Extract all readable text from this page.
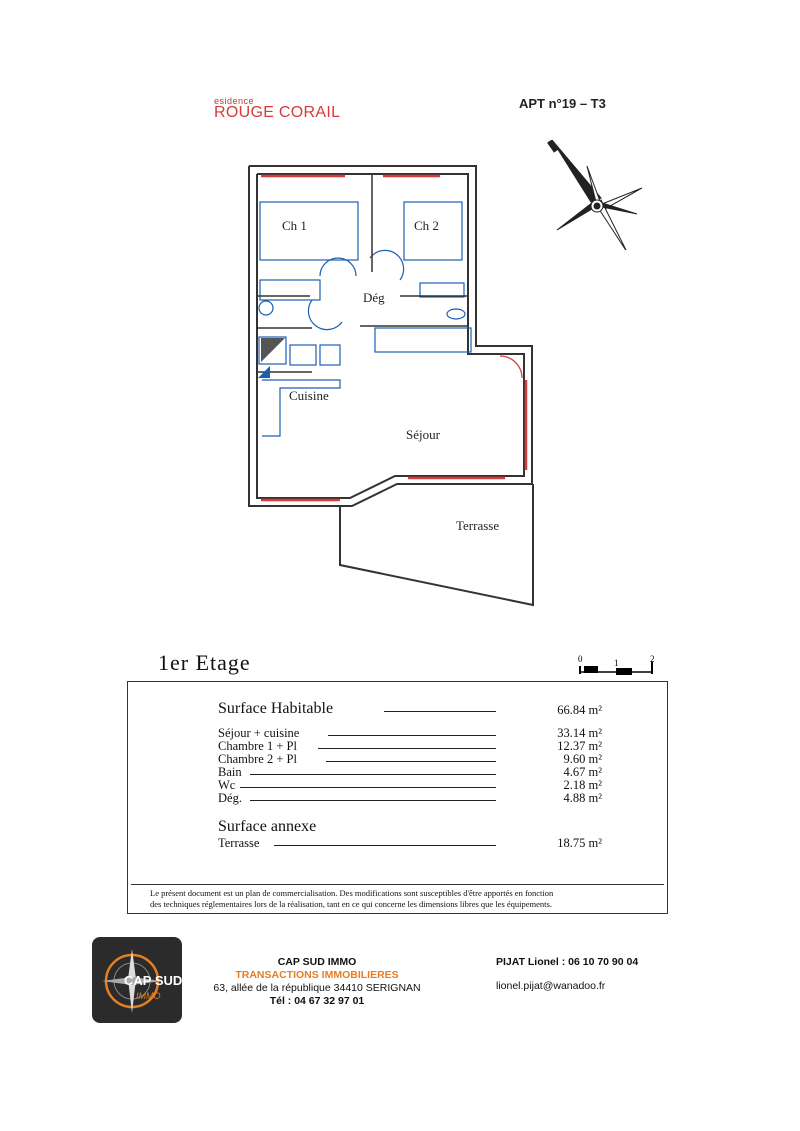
esidence
ROUGE CORAIL
APT n°19 – T3
Ch 1	Ch 2
Dég
Cuisine
Séjour
Terrasse
1er Etage	0	1	2
Surface Habitable	66.84 m²
Séjour + cuisine	33.14 m²
Chambre 1 + Pl	12.37 m²
Chambre 2 + Pl	9.60 m²
Bain	4.67 m²
Wc	2.18 m²
Dég.	4.88 m²
Surface annexe
Terrasse	18.75 m²
Le présent document est un plan de commercialisation. Des modifications sont susceptibles d'être apportés en fonction
des techniques réglementaires lors de la réalisation, tant en ce qui concerne les dimensions libres que les équipements.
CAP SUD
IMMO
CAP SUD IMMO
TRANSACTIONS IMMOBILIERES
63, allée de la république 34410 SERIGNAN
Tél : 04 67 32 97 01
PIJAT Lionel : 06 10 70 90 04
lionel.pijat@wanadoo.fr
